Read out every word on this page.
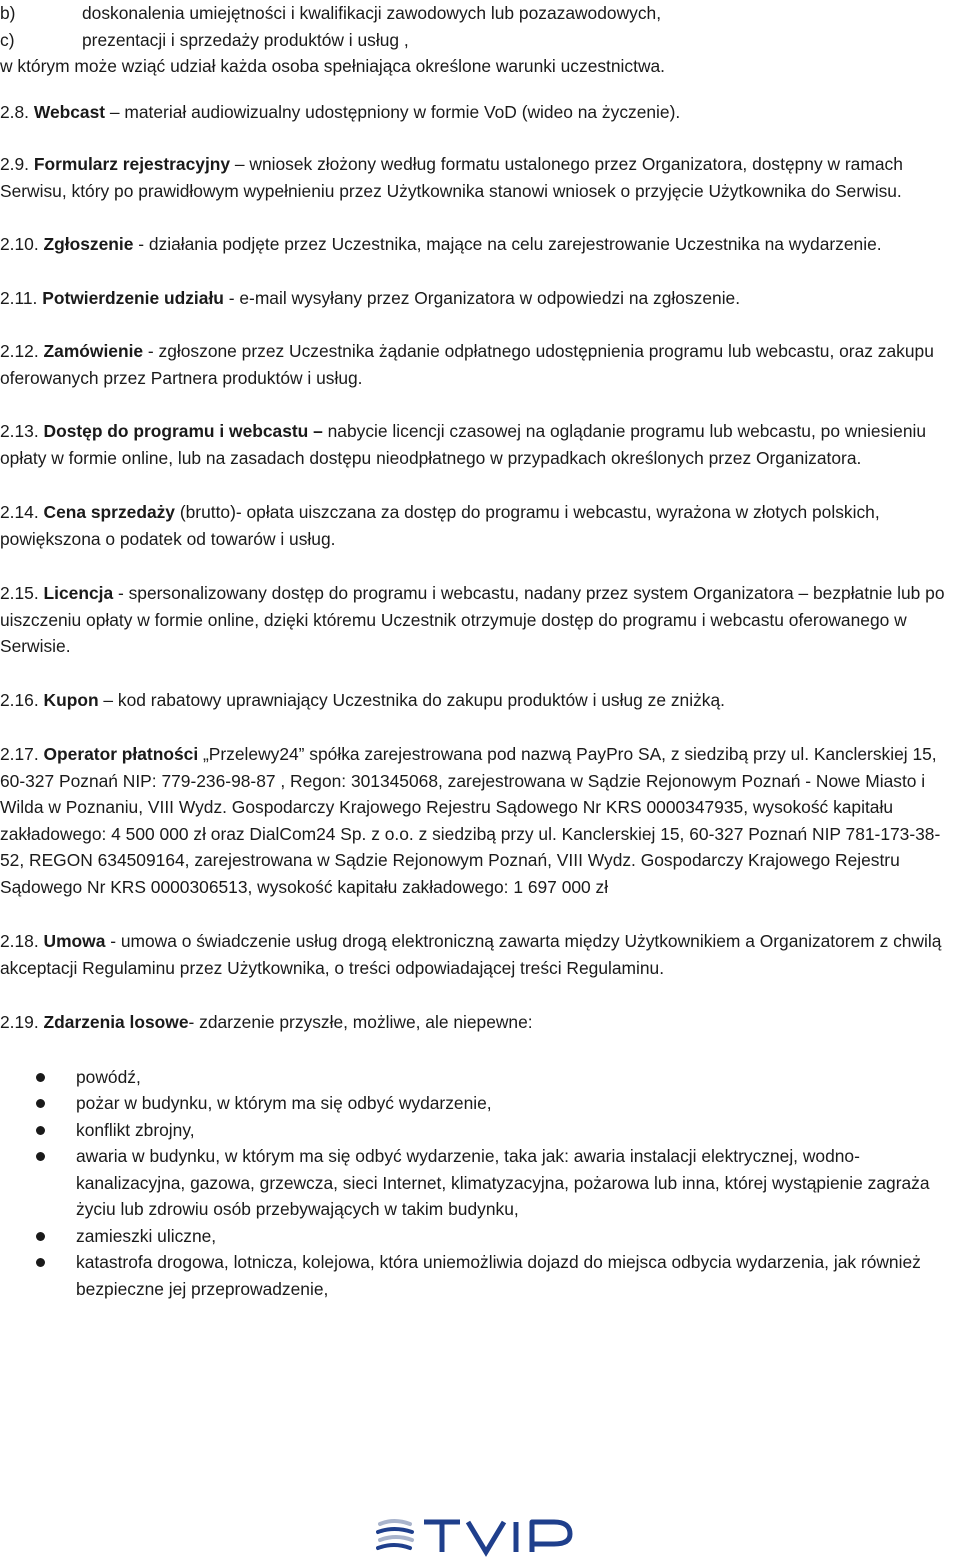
b)	doskonalenia umiejętności i kwalifikacji zawodowych lub pozazawodowych,
c)	prezentacji i sprzedaży produktów i usług ,

w którym może wziąć udział każda osoba spełniająca określone warunki uczestnictwa.

2.8. Webcast – materiał audiowizualny udostępniony w formie VoD (wideo na życzenie).

2.9. Formularz rejestracyjny – wniosek złożony według formatu ustalonego przez Organizatora, dostępny w ramach Serwisu, który po prawidłowym wypełnieniu przez Użytkownika stanowi wniosek o przyjęcie Użytkownika do Serwisu.

2.10. Zgłoszenie - działania podjęte przez Uczestnika, mające na celu zarejestrowanie Uczestnika na wydarzenie.

2.11. Potwierdzenie udziału - e-mail wysyłany przez Organizatora w odpowiedzi na zgłoszenie.

2.12. Zamówienie - zgłoszone przez Uczestnika żądanie odpłatnego udostępnienia programu lub webcastu, oraz zakupu oferowanych przez Partnera produktów i usług.

2.13. Dostęp do programu i webcastu – nabycie licencji czasowej na oglądanie programu lub webcastu, po wniesieniu opłaty w formie online, lub na zasadach dostępu nieodpłatnego w przypadkach określonych przez Organizatora.

2.14. Cena sprzedaży (brutto)- opłata uiszczana za dostęp do programu i webcastu, wyrażona w złotych polskich, powiększona o podatek od towarów i usług.

2.15. Licencja - spersonalizowany dostęp do programu i webcastu, nadany przez system Organizatora – bezpłatnie lub po uiszczeniu opłaty w formie online, dzięki któremu Uczestnik otrzymuje dostęp do programu i webcastu oferowanego w Serwisie.

2.16. Kupon – kod rabatowy uprawniający Uczestnika do zakupu produktów i usług ze zniżką.

2.17. Operator płatności „Przelewy24” spółka zarejestrowana pod nazwą PayPro SA, z siedzibą przy ul. Kanclerskiej 15, 60-327 Poznań NIP: 779-236-98-87 , Regon: 301345068, zarejestrowana w Sądzie Rejonowym Poznań - Nowe Miasto i Wilda w Poznaniu, VIII Wydz. Gospodarczy Krajowego Rejestru Sądowego Nr KRS 0000347935, wysokość kapitału zakładowego: 4 500 000 zł oraz DialCom24 Sp. z o.o. z siedzibą przy ul. Kanclerskiej 15, 60-327 Poznań NIP 781-173-38-52, REGON 634509164, zarejestrowana w Sądzie Rejonowym Poznań, VIII Wydz. Gospodarczy Krajowego Rejestru Sądowego Nr KRS 0000306513, wysokość kapitału zakładowego: 1 697 000 zł

2.18. Umowa - umowa o świadczenie usług drogą elektroniczną zawarta między Użytkownikiem a Organizatorem z chwilą akceptacji Regulaminu przez Użytkownika, o treści odpowiadającej treści Regulaminu.

2.19. Zdarzenia losowe- zdarzenie przyszłe, możliwe, ale niepewne:

powódź,
pożar w budynku, w którym ma się odbyć wydarzenie,
konflikt zbrojny,
awaria w budynku, w którym ma się odbyć wydarzenie, taka jak: awaria instalacji elektrycznej, wodno-kanalizacyjna, gazowa, grzewcza, sieci Internet, klimatyzacyjna, pożarowa lub inna, której wystąpienie zagraża życiu lub zdrowiu osób przebywających w takim budynku,
zamieszki uliczne,
katastrofa drogowa, lotnicza, kolejowa, która uniemożliwia dojazd do miejsca odbycia wydarzenia, jak również bezpieczne jej przeprowadzenie,
TVIP
